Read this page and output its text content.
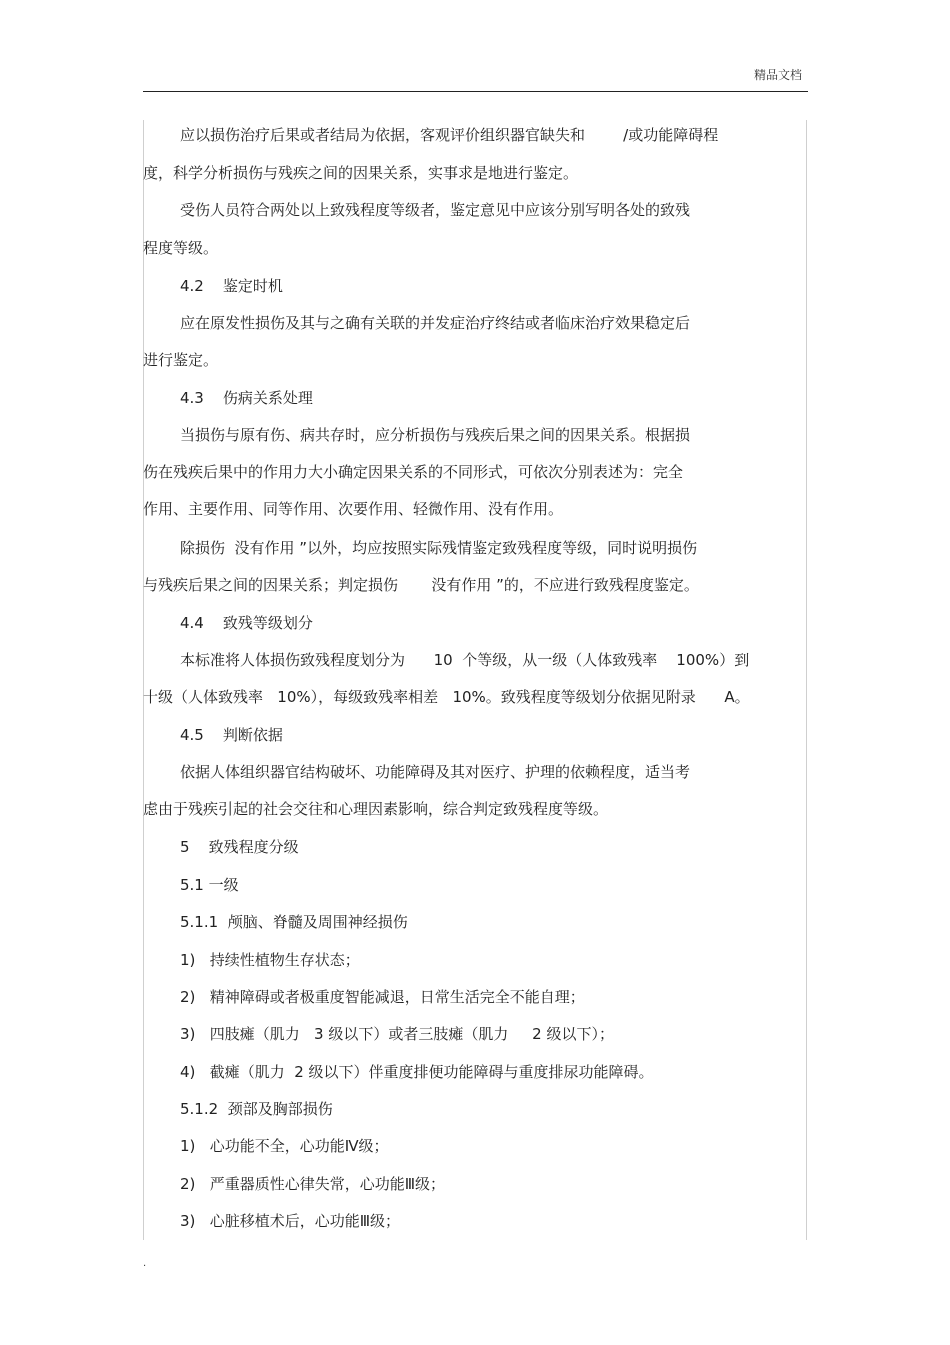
精品文档
应以损伤治疗后果或者结局为依据，客观评价组织器官缺失和        /或功能障碍程
度，科学分析损伤与残疾之间的因果关系，实事求是地进行鉴定。
受伤人员符合两处以上致残程度等级者，鉴定意见中应该分别写明各处的致残
程度等级。
4.2    鉴定时机
应在原发性损伤及其与之确有关联的并发症治疗终结或者临床治疗效果稳定后
进行鉴定。
4.3    伤病关系处理
当损伤与原有伤、病共存时，应分析损伤与残疾后果之间的因果关系。根据损
伤在残疾后果中的作用力大小确定因果关系的不同形式，可依次分别表述为：完全
作用、主要作用、同等作用、次要作用、轻微作用、没有作用。
除损伤  没有作用 ”以外，均应按照实际残情鉴定致残程度等级，同时说明损伤
与残疾后果之间的因果关系；判定损伤       没有作用 ”的，不应进行致残程度鉴定。
4.4    致残等级划分
本标准将人体损伤致残程度划分为      10  个等级，从一级（人体致残率    100%）到
十级（人体致残率   10%），每级致残率相差   10%。致残程度等级划分依据见附录      A。
4.5    判断依据
依据人体组织器官结构破坏、功能障碍及其对医疗、护理的依赖程度，适当考
虑由于残疾引起的社会交往和心理因素影响，综合判定致残程度等级。
5    致残程度分级
5.1 一级
5.1.1  颅脑、脊髓及周围神经损伤
1)   持续性植物生存状态；
2)   精神障碍或者极重度智能减退，日常生活完全不能自理；
3)   四肢瘫（肌力   3 级以下）或者三肢瘫（肌力     2 级以下）；
4)   截瘫（肌力  2 级以下）伴重度排便功能障碍与重度排尿功能障碍。
5.1.2  颈部及胸部损伤
1)   心功能不全，心功能Ⅳ级；
2)   严重器质性心律失常，心功能Ⅲ级；
3)   心脏移植术后，心功能Ⅲ级；
.
